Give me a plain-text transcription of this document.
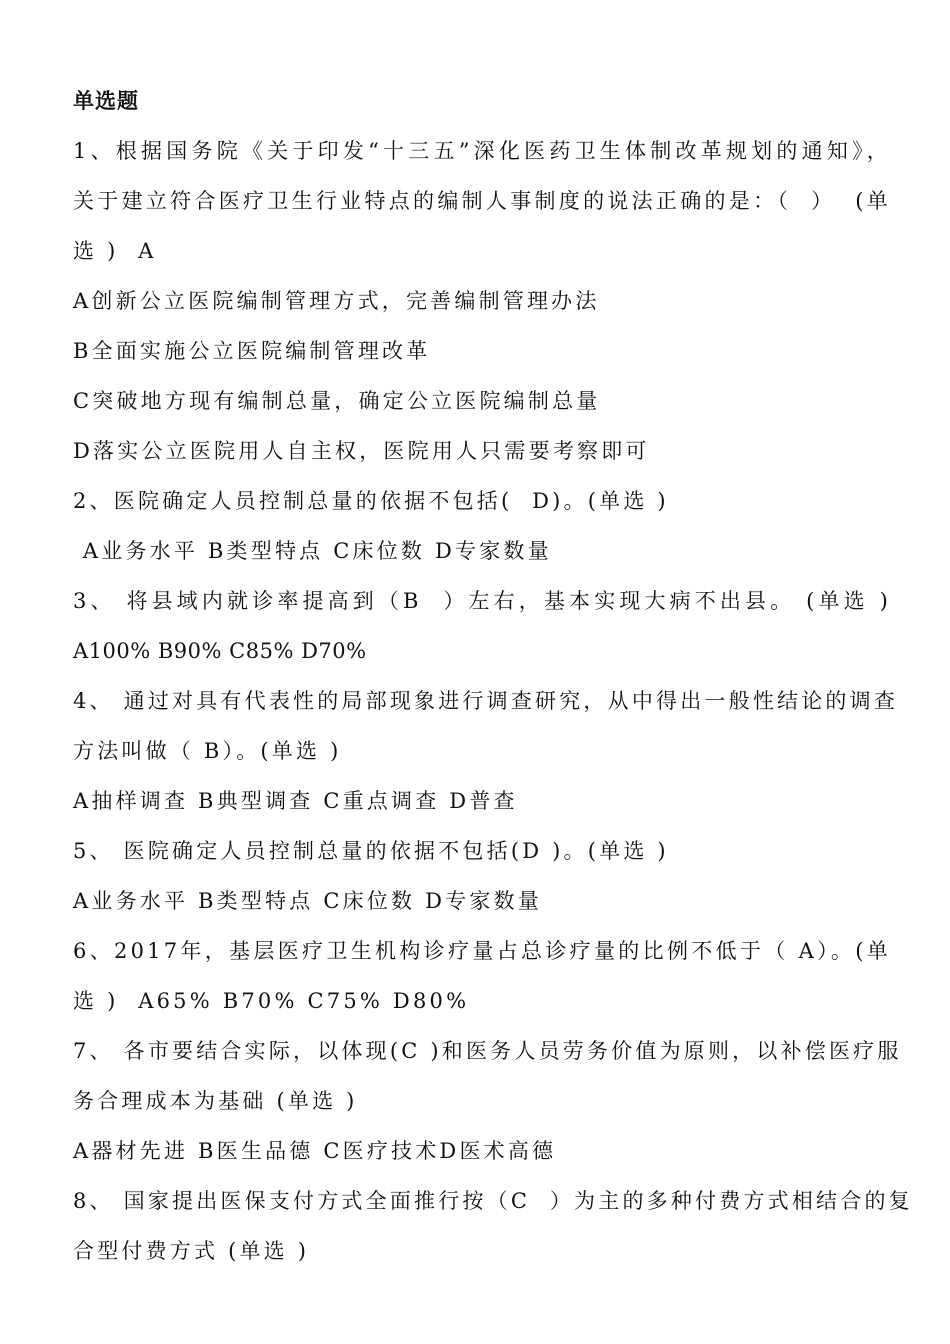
单选题
1、根据国务院《关于印发“十三五”深化医药卫生体制改革规划的通知》，
关于建立符合医疗卫生行业特点的编制人事制度的说法正确的是：（  ）  (单
选 )  A
A创新公立医院编制管理方式，完善编制管理办法
B全面实施公立医院编制管理改革
C突破地方现有编制总量，确定公立医院编制总量
D落实公立医院用人自主权，医院用人只需要考察即可
2、医院确定人员控制总量的依据不包括(  D)。(单选 )
A业务水平 B类型特点 C床位数 D专家数量
3、 将县域内就诊率提高到（B  ）左右，基本实现大病不出县。 (单选 )
A100% B90% C85% D70%
4、 通过对具有代表性的局部现象进行调查研究，从中得出一般性结论的调查
方法叫做（ B）。(单选 )
A抽样调查 B典型调查 C重点调查 D普查
5、 医院确定人员控制总量的依据不包括(D )。(单选 )
A业务水平 B类型特点 C床位数 D专家数量
6、2017年，基层医疗卫生机构诊疗量占总诊疗量的比例不低于（ A）。(单
选 )  A65% B70% C75% D80%
7、 各市要结合实际，以体现(C )和医务人员劳务价值为原则，以补偿医疗服
务合理成本为基础 (单选 )
A器材先进 B医生品德 C医疗技术D医术高德
8、 国家提出医保支付方式全面推行按（C  ）为主的多种付费方式相结合的复
合型付费方式 (单选 )
